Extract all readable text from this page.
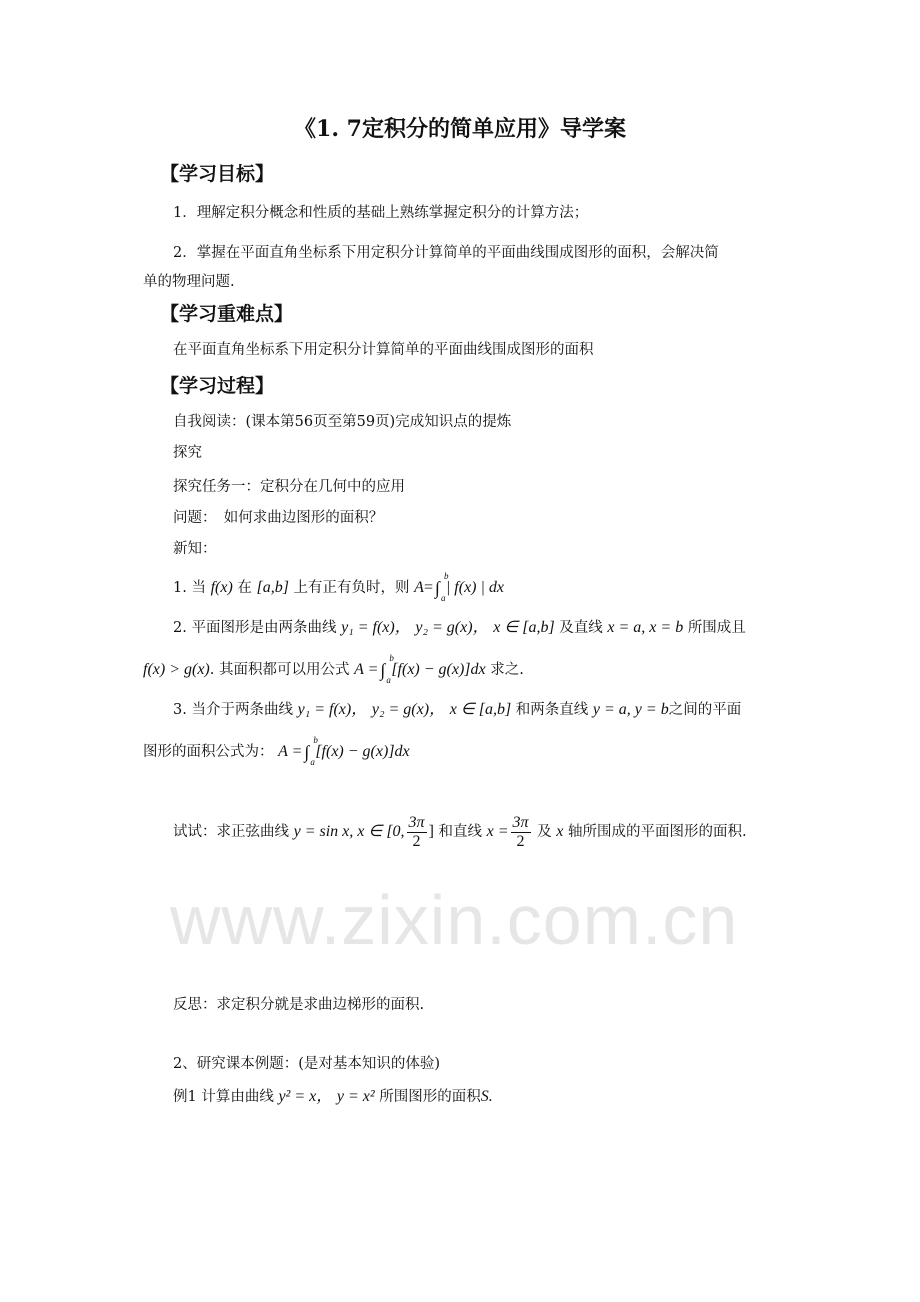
《1. 7定积分的简单应用》导学案
【学习目标】
1．理解定积分概念和性质的基础上熟练掌握定积分的计算方法；
2．掌握在平面直角坐标系下用定积分计算简单的平面曲线围成图形的面积，会解决简
单的物理问题.
【学习重难点】
在平面直角坐标系下用定积分计算简单的平面曲线围成图形的面积
【学习过程】
自我阅读：(课本第56页至第59页)完成知识点的提炼
探究
探究任务一：定积分在几何中的应用
问题：　如何求曲边图形的面积？
新知：
1. 当 f(x) 在 [a,b] 上有正有负时，则 A= ∫
b
a
| f(x) | dx
2. 平面图形是由两条曲线 y₁ = f(x)， y₂ = g(x)， x ∈ [a,b] 及直线 x = a, x = b 所围成且
f(x) > g(x). 其面积都可以用公式 A = ∫
b
a
[f(x) − g(x)]dx 求之.
3. 当介于两条曲线 y₁ = f(x)， y₂ = g(x)， x ∈ [a,b] 和两条直线 y = a, y = b之间的平面
图形的面积公式为： A = ∫
b
a
[f(x) − g(x)]dx
试试：求正弦曲线 y = sin x, x ∈ [0, $\frac{3\pi}{2}$ ] 和直线 $x = \frac{3\pi}{2}$ 及 x 轴所围成的平面图形的面积.
www.zixin.com.cn
反思：求定积分就是求曲边梯形的面积.
2、研究课本例题：(是对基本知识的体验)
例1 计算由曲线 y² = x， y = x² 所围图形的面积S.
